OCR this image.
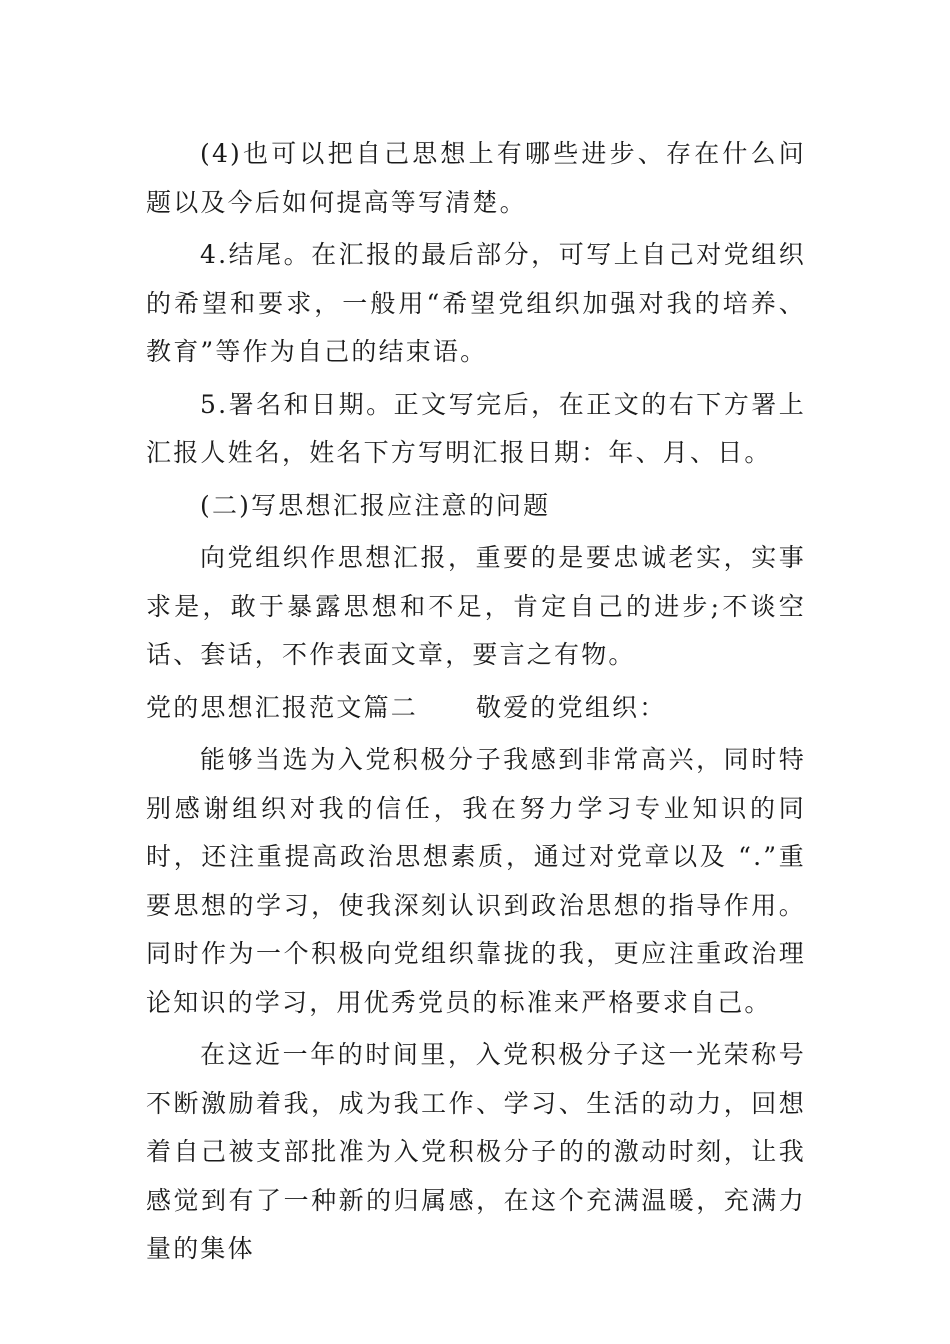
(4)也可以把自己思想上有哪些进步、存在什么问题以及今后如何提高等写清楚。

4.结尾。在汇报的最后部分，可写上自己对党组织的希望和要求，一般用“希望党组织加强对我的培养、教育”等作为自己的结束语。

5.署名和日期。正文写完后，在正文的右下方署上汇报人姓名，姓名下方写明汇报日期：年、月、日。

(二)写思想汇报应注意的问题

向党组织作思想汇报，重要的是要忠诚老实，实事求是，敢于暴露思想和不足，肯定自己的进步;不谈空话、套话，不作表面文章，要言之有物。

党的思想汇报范文篇二 敬爱的党组织：

能够当选为入党积极分子我感到非常高兴，同时特别感谢组织对我的信任，我在努力学习专业知识的同时，还注重提高政治思想素质，通过对党章以及 “.”重要思想的学习，使我深刻认识到政治思想的指导作用。同时作为一个积极向党组织靠拢的我，更应注重政治理论知识的学习，用优秀党员的标准来严格要求自己。

在这近一年的时间里，入党积极分子这一光荣称号不断激励着我，成为我工作、学习、生活的动力，回想着自己被支部批准为入党积极分子的的激动时刻，让我感觉到有了一种新的归属感，在这个充满温暖，充满力量的集体
